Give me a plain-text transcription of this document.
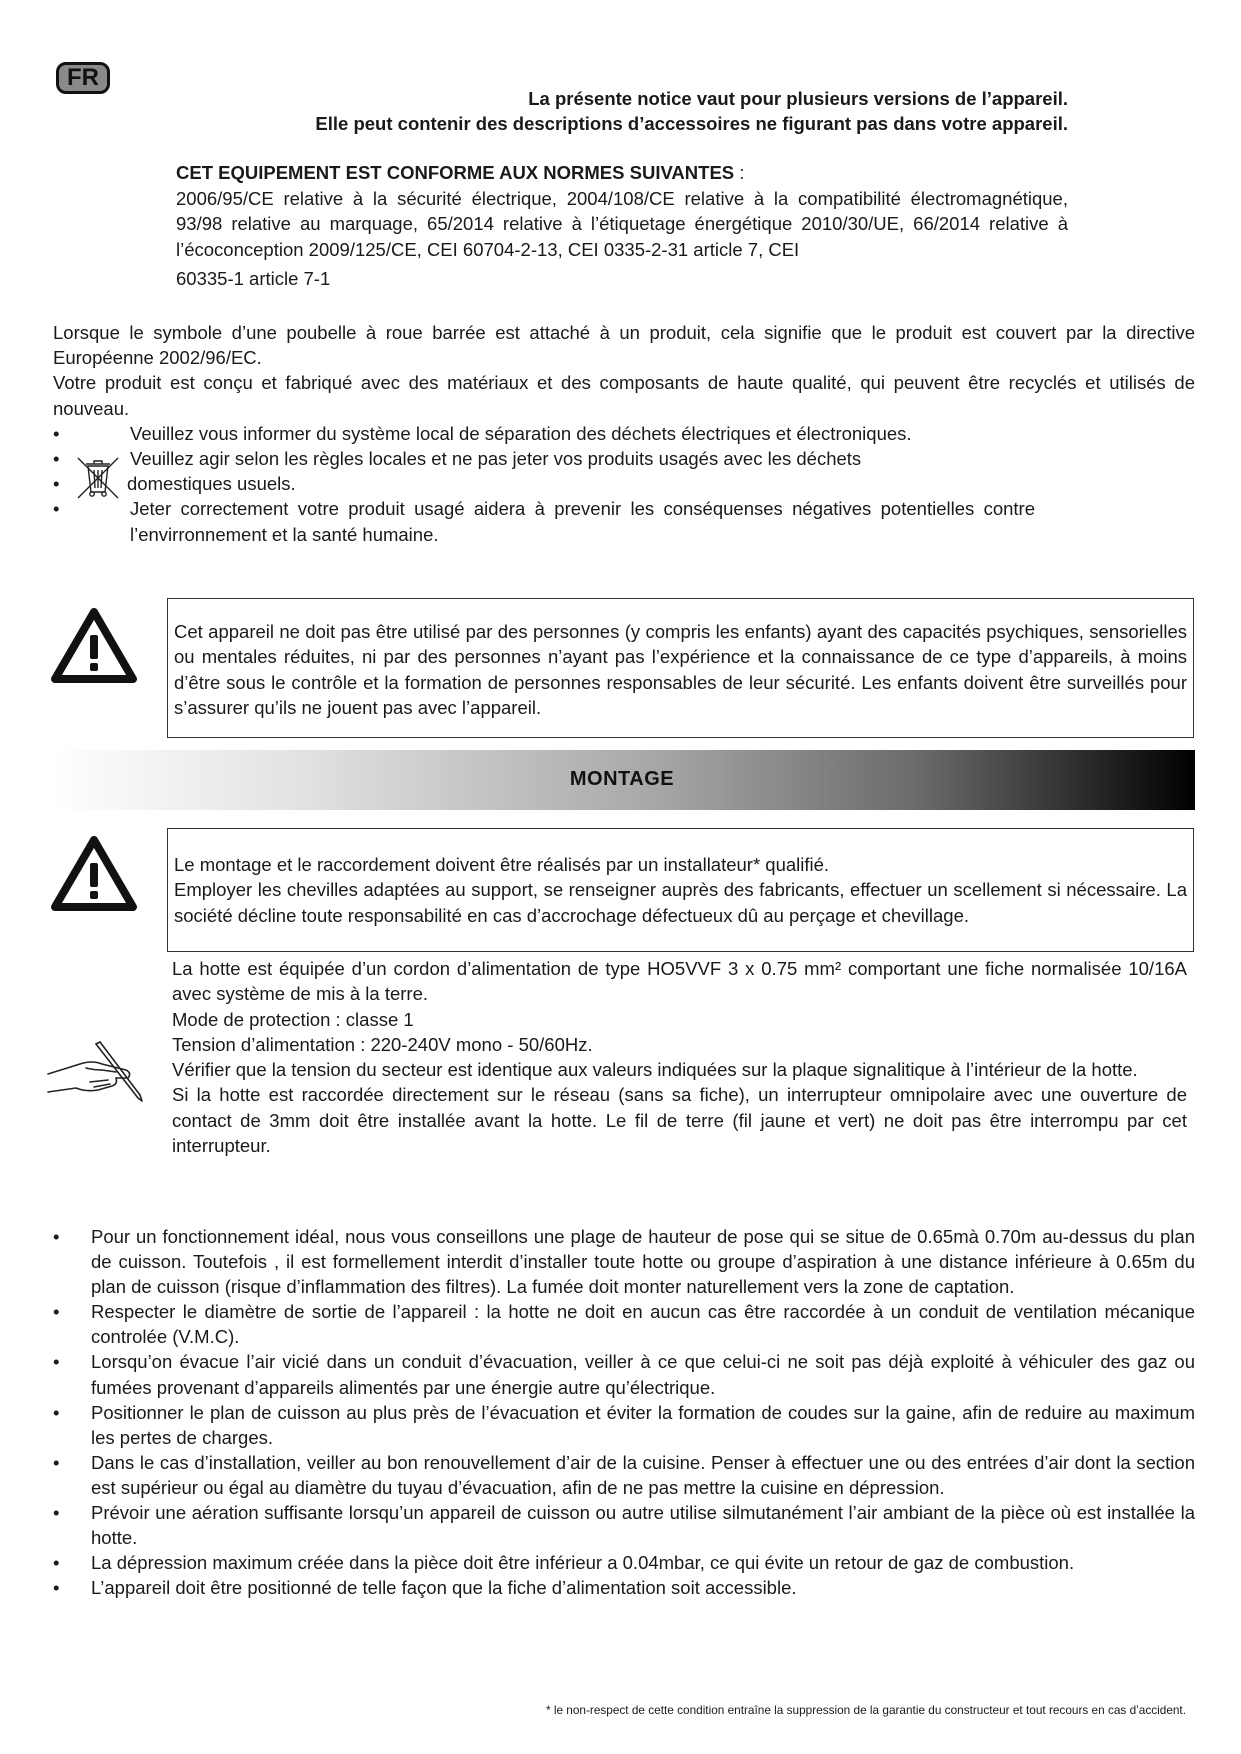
FR
La présente notice vaut pour plusieurs versions de l’appareil.
Elle peut contenir des descriptions d’accessoires ne figurant pas dans votre appareil.

CET EQUIPEMENT EST CONFORME AUX NORMES SUIVANTES :

2006/95/CE relative à la sécurité électrique, 2004/108/CE relative à la compatibilité électromagnétique, 93/98 relative au marquage, 65/2014 relative à l’étiquetage énergétique 2010/30/UE, 66/2014 relative à l’écoconception 2009/125/CE, CEI 60704-2-13, CEI 0335-2-31 article 7, CEI

60335-1 article 7-1

Lorsque le symbole d’une poubelle à roue barrée est attaché à un produit, cela signifie que le produit est couvert par la directive Européenne 2002/96/EC.

Votre produit est conçu et fabriqué avec des matériaux et des composants de haute qualité, qui peuvent être recyclés et utilisés de nouveau.

•	Veuillez vous informer du système local de séparation des déchets électriques et électroniques.
•	Veuillez agir selon les règles locales et ne pas jeter vos produits usagés avec les déchets
•	domestiques usuels.
•	Jeter correctement votre produit usagé aidera à prevenir les conséquenses négatives potentielles contre l’envirronnement et la santé humaine.

Cet appareil ne doit pas être utilisé par des personnes (y compris les enfants) ayant des capacités psychiques, sensorielles ou mentales réduites, ni par des personnes n’ayant pas l’expérience et la connaissance de ce type d’appareils, à moins d’être sous le contrôle et la formation de personnes responsables de leur sécurité. Les enfants doivent être surveillés pour s’assurer qu’ils ne jouent pas avec l’appareil.

MONTAGE

Le montage et le raccordement doivent être réalisés par un installateur* qualifié.

Employer les chevilles adaptées au support, se renseigner auprès des fabricants, effectuer un scellement si nécessaire. La société décline toute responsabilité en cas d’accrochage défectueux dû au perçage et chevillage.

La hotte est équipée d’un cordon d’alimentation de type HO5VVF 3 x 0.75 mm² comportant une fiche normalisée 10/16A avec système de mis à la terre.

Mode de protection : classe 1

Tension d’alimentation : 220-240V mono - 50/60Hz.

Vérifier que la tension du secteur est identique aux valeurs indiquées sur la plaque signalitique à l’intérieur de la hotte.

Si la hotte est raccordée directement sur le réseau (sans sa fiche), un interrupteur omnipolaire avec une ouverture de contact de 3mm doit être installée avant la hotte. Le fil de terre (fil jaune et vert) ne doit pas être interrompu par cet interrupteur.

• Pour un fonctionnement idéal, nous vous conseillons une plage de hauteur de pose qui se situe de 0.65mà 0.70m au-dessus du plan de cuisson. Toutefois , il est formellement interdit d’installer toute hotte ou groupe d’aspiration à une distance inférieure à 0.65m du plan de cuisson (risque d’inflammation des filtres). La fumée doit monter naturellement vers la zone de captation.
• Respecter le diamètre de sortie de l’appareil : la hotte ne doit en aucun cas être raccordée à un conduit de ventilation mécanique controlée (V.M.C).
• Lorsqu’on évacue l’air vicié dans un conduit d’évacuation, veiller à ce que celui-ci ne soit pas déjà exploité à véhiculer des gaz ou fumées provenant d’appareils alimentés par une énergie autre qu’électrique.
• Positionner le plan de cuisson au plus près de l’évacuation et éviter la formation de coudes sur la gaine, afin de reduire au maximum les pertes de charges.
• Dans le cas d’installation, veiller au bon renouvellement d’air de la cuisine. Penser à effectuer une ou des entrées d’air dont la section est supérieur ou égal au diamètre du tuyau d’évacuation, afin de ne pas mettre la cuisine en dépression.
• Prévoir une aération suffisante lorsqu’un appareil de cuisson ou autre utilise silmutanément l’air ambiant de la pièce où est installée la hotte.
• La dépression maximum créée dans la pièce doit être inférieur a 0.04mbar, ce qui évite un retour de gaz de combustion.
• L’appareil doit être positionné de telle façon que la fiche d’alimentation soit accessible.
* le non-respect de cette condition entraîne la suppression de la garantie du constructeur et tout recours en cas d’accident.
